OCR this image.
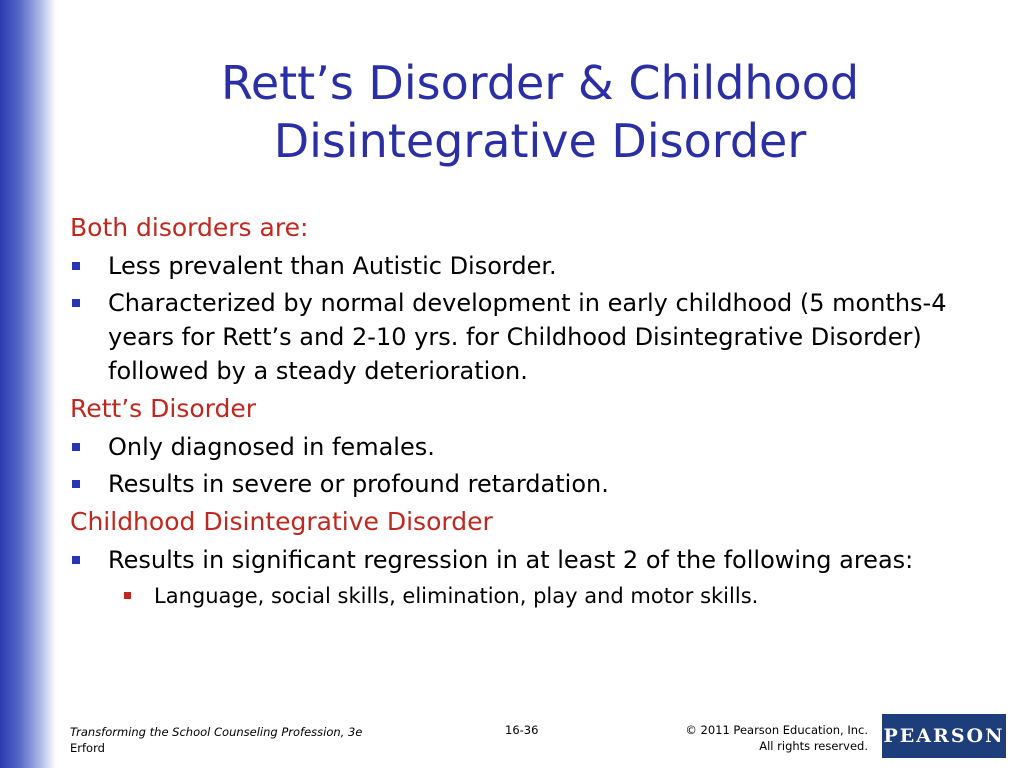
Rett’s Disorder & Childhood
Disintegrative Disorder
Both disorders are:
Less prevalent than Autistic Disorder.
Characterized by normal development in early childhood (5 months-4 years for Rett’s and 2-10 yrs. for Childhood Disintegrative Disorder) followed by a steady deterioration.
Rett’s Disorder
Only diagnosed in females.
Results in severe or profound retardation.
Childhood Disintegrative Disorder
Results in significant regression in at least 2 of the following areas:
Language, social skills, elimination, play and motor skills.
Transforming the School Counseling Profession, 3e
Erford
16-36	© 2011 Pearson Education, Inc.
All rights reserved. PEARSON
